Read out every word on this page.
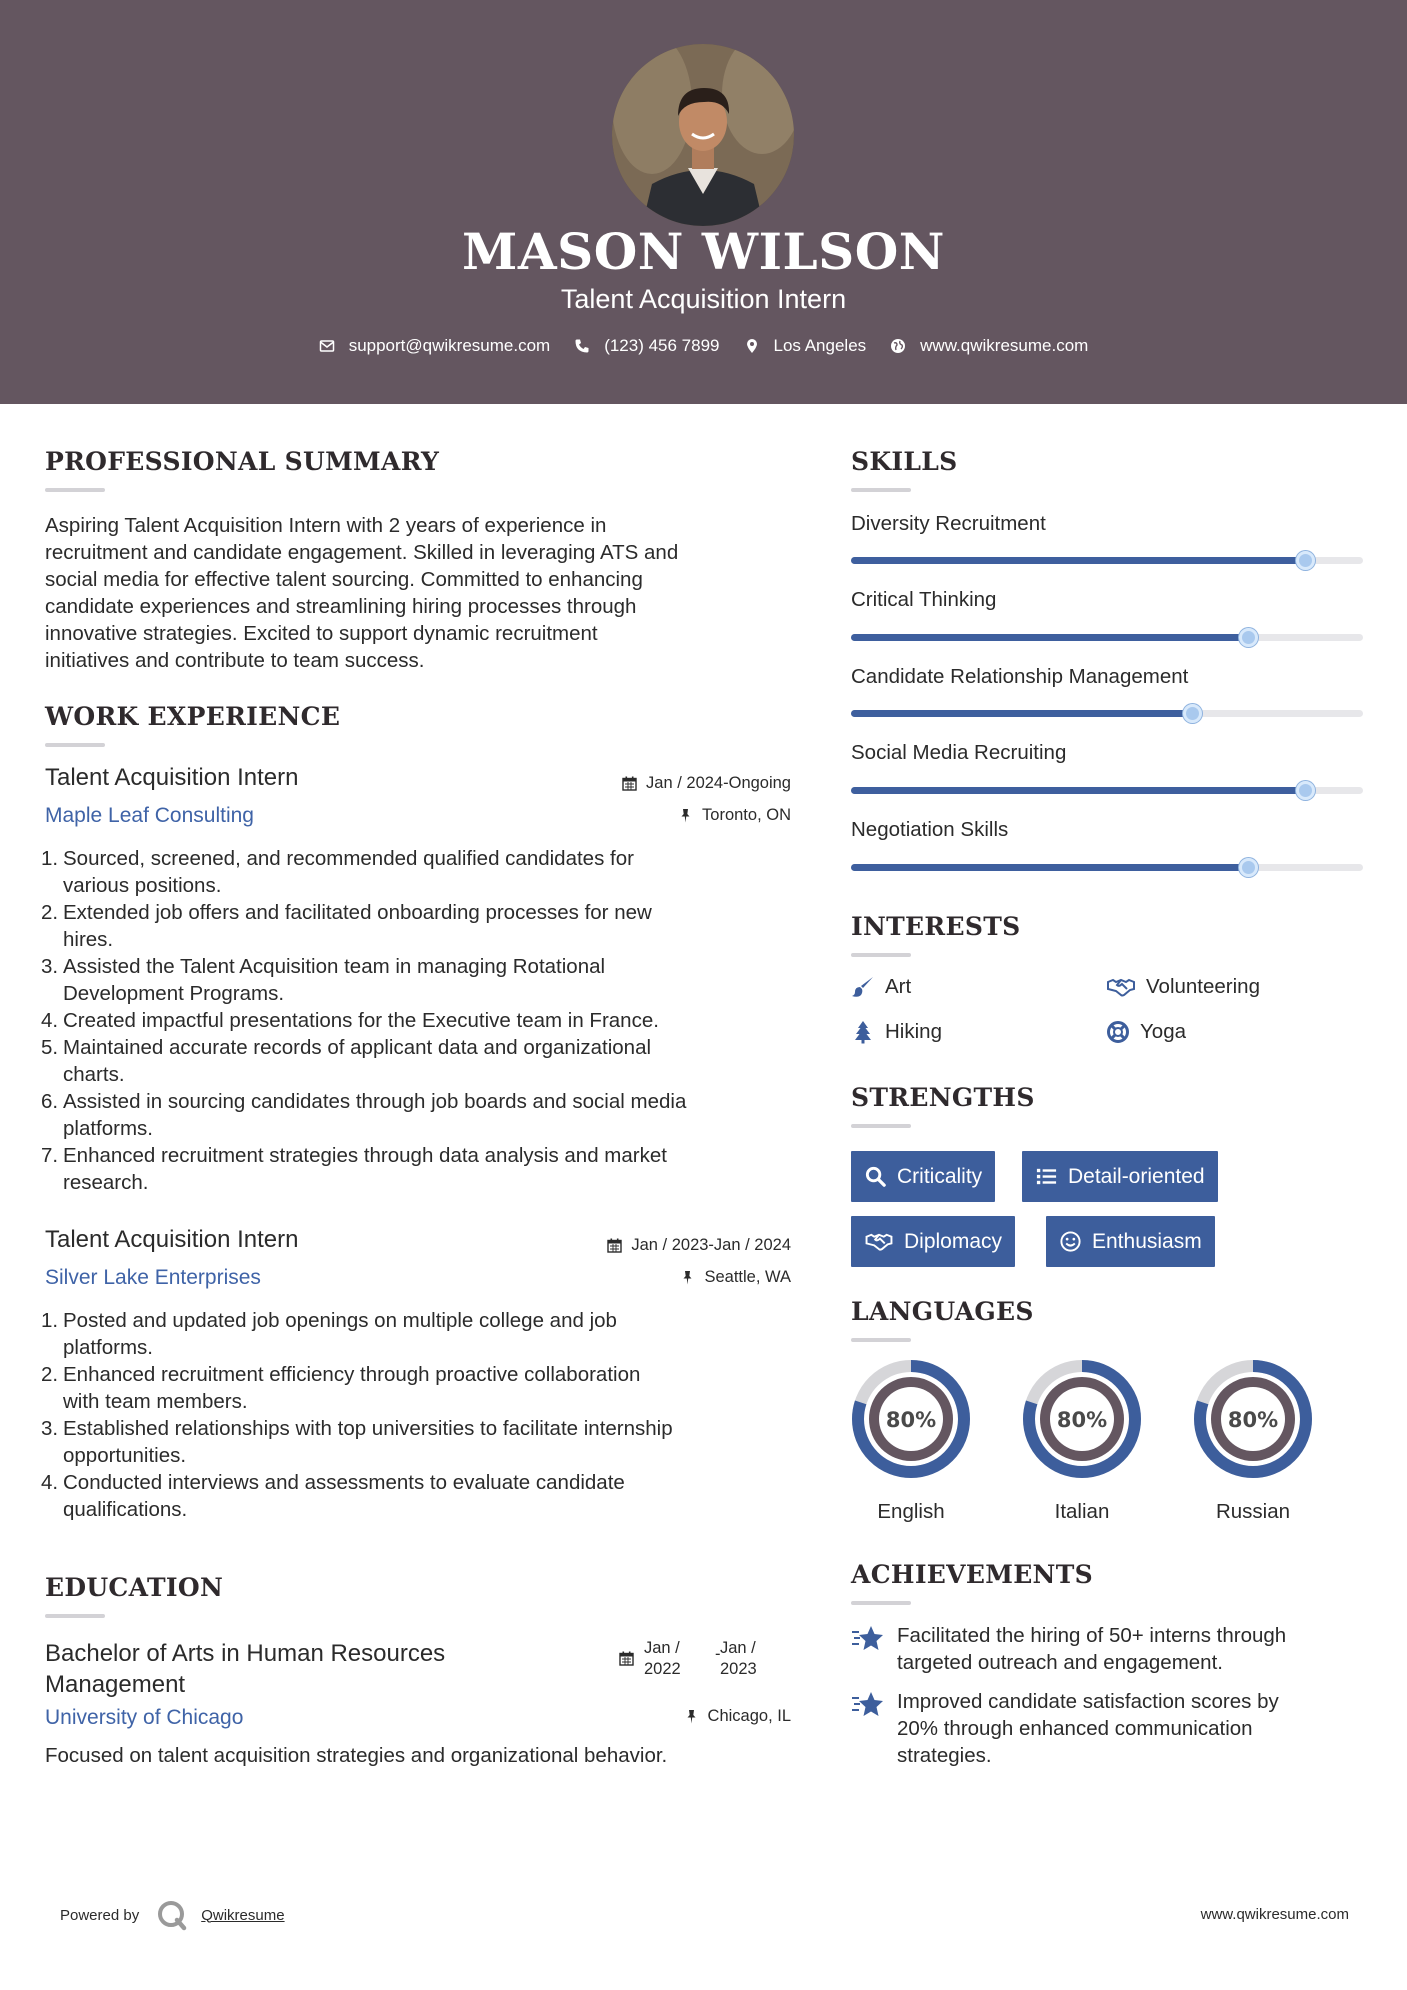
MASON WILSON
Talent Acquisition Intern
support@qwikresume.com	(123) 456 7899	Los Angeles	www.qwikresume.com
PROFESSIONAL SUMMARY
Aspiring Talent Acquisition Intern with 2 years of experience in
recruitment and candidate engagement. Skilled in leveraging ATS and
social media for effective talent sourcing. Committed to enhancing
candidate experiences and streamlining hiring processes through
innovative strategies. Excited to support dynamic recruitment
initiatives and contribute to team success.
WORK EXPERIENCE
Talent Acquisition Intern	Jan / 2024-Ongoing
Maple Leaf Consulting	Toronto, ON
1. Sourced, screened, and recommended qualified candidates for
various positions.
2. Extended job offers and facilitated onboarding processes for new
hires.
3. Assisted the Talent Acquisition team in managing Rotational
Development Programs.
4. Created impactful presentations for the Executive team in France.
5. Maintained accurate records of applicant data and organizational
charts.
6. Assisted in sourcing candidates through job boards and social media
platforms.
7. Enhanced recruitment strategies through data analysis and market
research.
Talent Acquisition Intern	Jan / 2023-Jan / 2024
Silver Lake Enterprises	Seattle, WA
1. Posted and updated job openings on multiple college and job
platforms.
2. Enhanced recruitment efficiency through proactive collaboration
with team members.
3. Established relationships with top universities to facilitate internship
opportunities.
4. Conducted interviews and assessments to evaluate candidate
qualifications.
EDUCATION
Bachelor of Arts in Human Resources
Management
Jan /
2022
- Jan /
2023
University of Chicago	Chicago, IL
Focused on talent acquisition strategies and organizational behavior.
SKILLS
Diversity Recruitment
Critical Thinking
Candidate Relationship Management
Social Media Recruiting
Negotiation Skills
INTERESTS
Art	Volunteering
Hiking	Yoga
STRENGTHS
Criticality	Detail-oriented
Diplomacy	Enthusiasm
LANGUAGES
80%
English
80%
Italian
80%
Russian
ACHIEVEMENTS
Facilitated the hiring of 50+ interns through
targeted outreach and engagement.
Improved candidate satisfaction scores by
20% through enhanced communication
strategies.
Powered by	Qwikresume	www.qwikresume.com
